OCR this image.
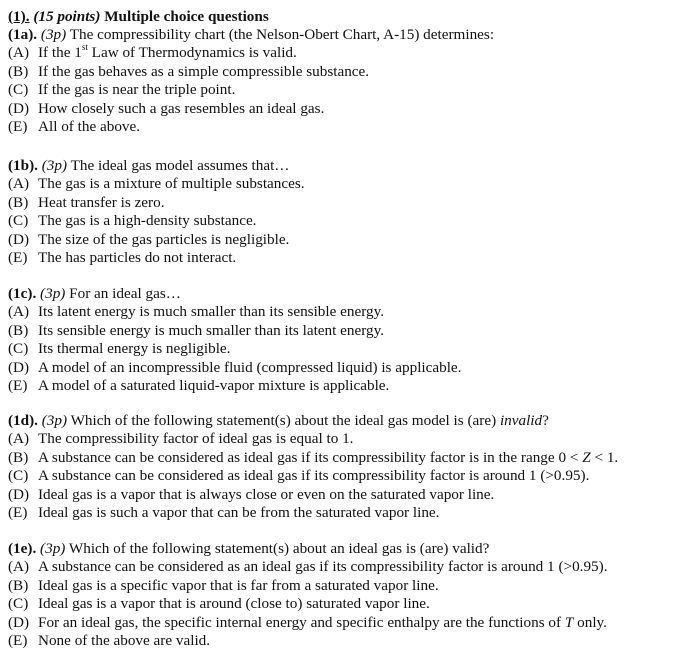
(1). (15 points) Multiple choice questions
(1a). (3p) The compressibility chart (the Nelson-Obert Chart, A-15) determines:
(A) If the 1st Law of Thermodynamics is valid.
(B) If the gas behaves as a simple compressible substance.
(C) If the gas is near the triple point.
(D) How closely such a gas resembles an ideal gas.
(E) All of the above.
(1b). (3p) The ideal gas model assumes that…
(A) The gas is a mixture of multiple substances.
(B) Heat transfer is zero.
(C) The gas is a high-density substance.
(D) The size of the gas particles is negligible.
(E) The has particles do not interact.
(1c). (3p) For an ideal gas…
(A) Its latent energy is much smaller than its sensible energy.
(B) Its sensible energy is much smaller than its latent energy.
(C) Its thermal energy is negligible.
(D) A model of an incompressible fluid (compressed liquid) is applicable.
(E) A model of a saturated liquid-vapor mixture is applicable.
(1d). (3p) Which of the following statement(s) about the ideal gas model is (are) invalid?
(A) The compressibility factor of ideal gas is equal to 1.
(B) A substance can be considered as ideal gas if its compressibility factor is in the range 0 < Z < 1.
(C) A substance can be considered as ideal gas if its compressibility factor is around 1 (>0.95).
(D) Ideal gas is a vapor that is always close or even on the saturated vapor line.
(E) Ideal gas is such a vapor that can be from the saturated vapor line.
(1e). (3p) Which of the following statement(s) about an ideal gas is (are) valid?
(A) A substance can be considered as an ideal gas if its compressibility factor is around 1 (>0.95).
(B) Ideal gas is a specific vapor that is far from a saturated vapor line.
(C) Ideal gas is a vapor that is around (close to) saturated vapor line.
(D) For an ideal gas, the specific internal energy and specific enthalpy are the functions of T only.
(E) None of the above are valid.
